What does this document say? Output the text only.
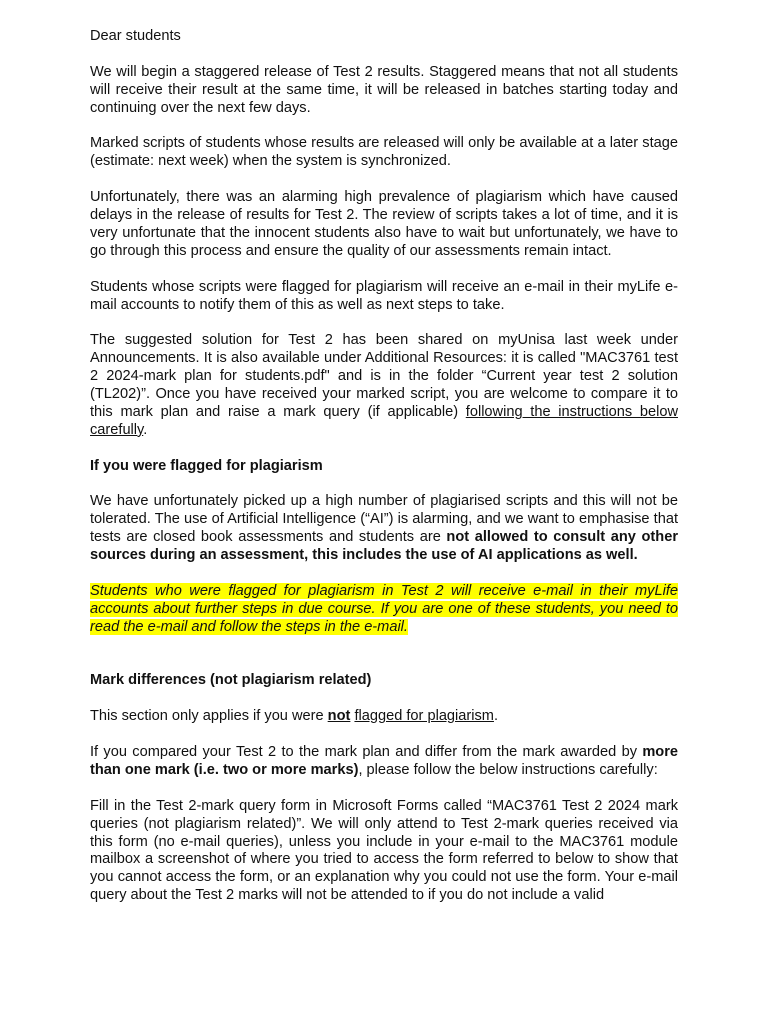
Dear students

We will begin a staggered release of Test 2 results. Staggered means that not all students will receive their result at the same time, it will be released in batches starting today and continuing over the next few days.

Marked scripts of students whose results are released will only be available at a later stage (estimate: next week) when the system is synchronized.

Unfortunately, there was an alarming high prevalence of plagiarism which have caused delays in the release of results for Test 2. The review of scripts takes a lot of time, and it is very unfortunate that the innocent students also have to wait but unfortunately, we have to go through this process and ensure the quality of our assessments remain intact.

Students whose scripts were flagged for plagiarism will receive an e-mail in their myLife e-mail accounts to notify them of this as well as next steps to take.

The suggested solution for Test 2 has been shared on myUnisa last week under Announcements. It is also available under Additional Resources: it is called "MAC3761 test 2 2024-mark plan for students.pdf" and is in the folder “Current year test 2 solution (TL202)”. Once you have received your marked script, you are welcome to compare it to this mark plan and raise a mark query (if applicable) following the instructions below carefully.

If you were flagged for plagiarism

We have unfortunately picked up a high number of plagiarised scripts and this will not be tolerated. The use of Artificial Intelligence (“AI”) is alarming, and we want to emphasise that tests are closed book assessments and students are not allowed to consult any other sources during an assessment, this includes the use of AI applications as well.

Students who were flagged for plagiarism in Test 2 will receive e-mail in their myLife accounts about further steps in due course. If you are one of these students, you need to read the e-mail and follow the steps in the e-mail.

Mark differences (not plagiarism related)

This section only applies if you were not flagged for plagiarism.

If you compared your Test 2 to the mark plan and differ from the mark awarded by more than one mark (i.e. two or more marks), please follow the below instructions carefully:

Fill in the Test 2-mark query form in Microsoft Forms called “MAC3761 Test 2 2024 mark queries (not plagiarism related)”. We will only attend to Test 2-mark queries received via this form (no e-mail queries), unless you include in your e-mail to the MAC3761 module mailbox a screenshot of where you tried to access the form referred to below to show that you cannot access the form, or an explanation why you could not use the form. Your e-mail query about the Test 2 marks will not be attended to if you do not include a valid
